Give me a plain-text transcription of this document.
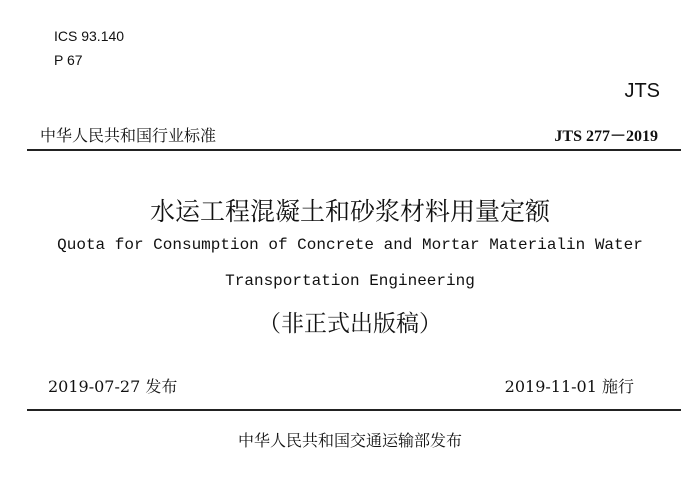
ICS 93.140
P 67
JTS
中华人民共和国行业标准	JTS 277－2019
水运工程混凝土和砂浆材料用量定额
Quota for Consumption of Concrete and Mortar Materialin Water
Transportation Engineering
（非正式出版稿）
2019-07-27 发布	2019-11-01 施行
中华人民共和国交通运输部发布
